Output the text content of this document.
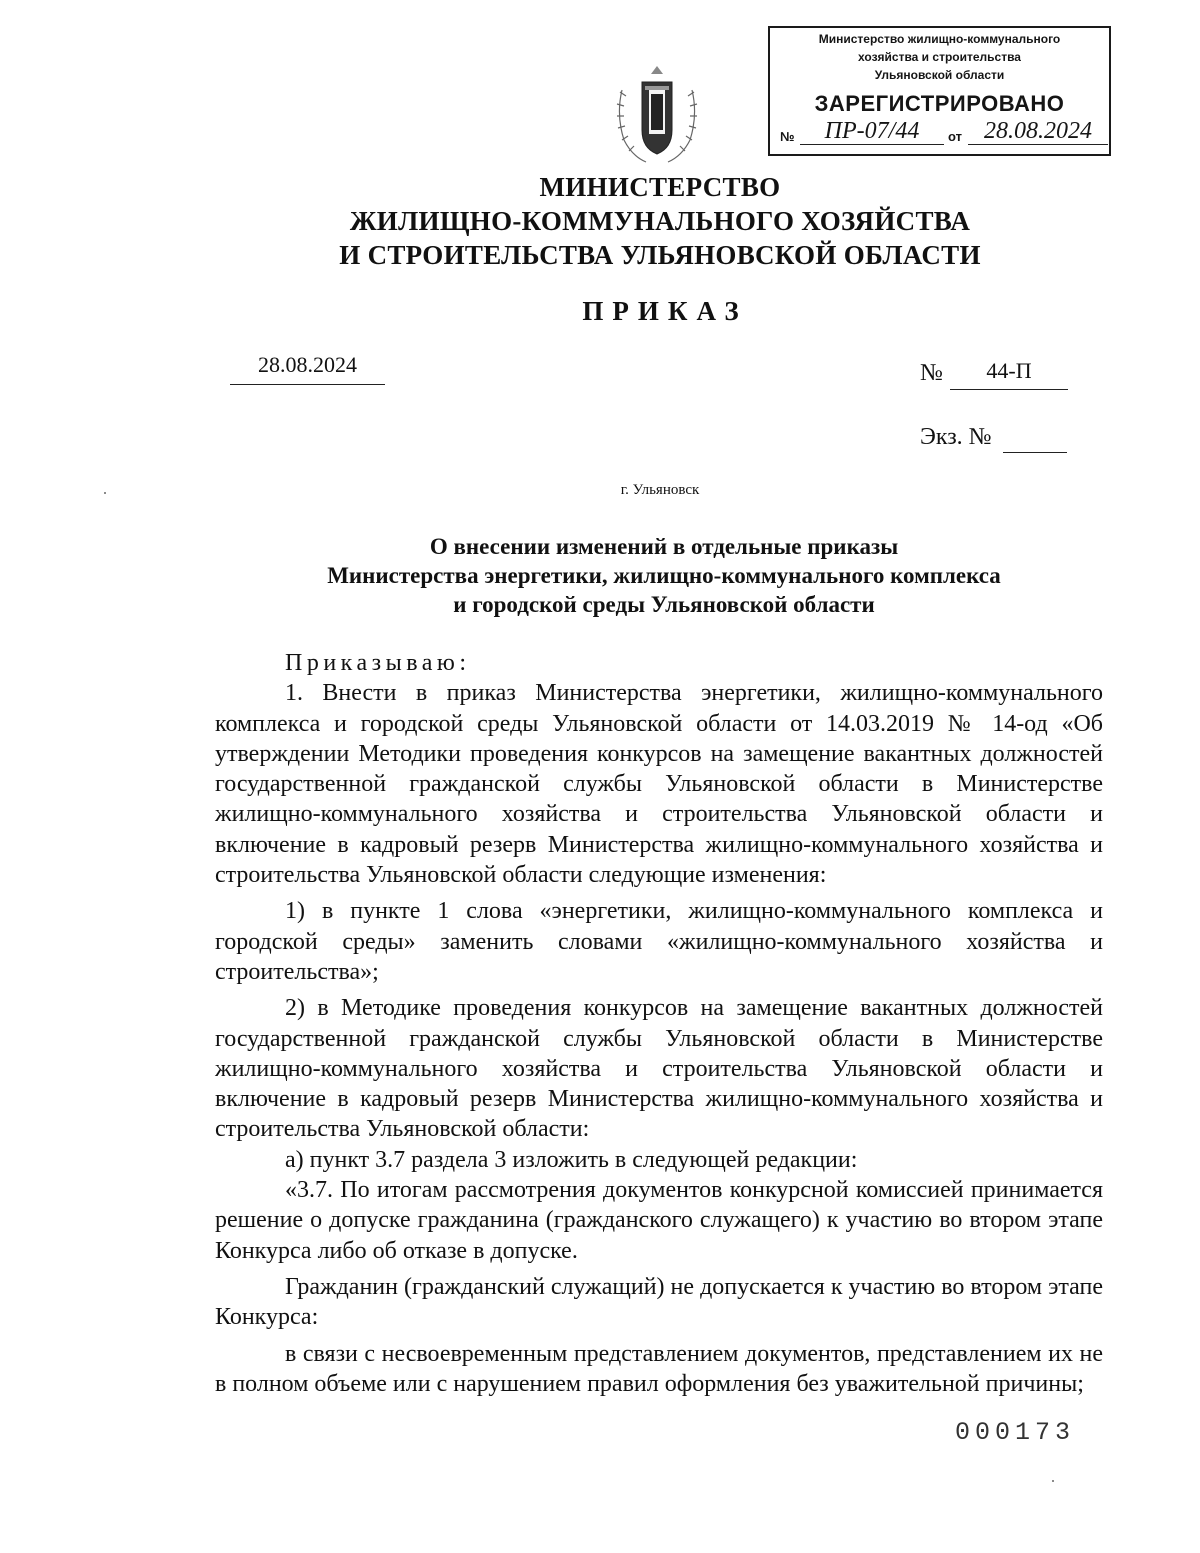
Министерство жилищно-коммунального
хозяйства и строительства
Ульяновской области
ЗАРЕГИСТРИРОВАНО
№	ПР-07/44	от 28.08.2024
МИНИСТЕРСТВО
ЖИЛИЩНО-КОММУНАЛЬНОГО ХОЗЯЙСТВА
И СТРОИТЕЛЬСТВА УЛЬЯНОВСКОЙ ОБЛАСТИ
ПРИКАЗ
28.08.2024	№	44-П
Экз. №
г. Ульяновск
О внесении изменений в отдельные приказы
Министерства энергетики, жилищно-коммунального комплекса
и городской среды Ульяновской области

Приказываю:

1. Внести в приказ Министерства энергетики, жилищно-коммунального комплекса и городской среды Ульяновской области от 14.03.2019 № 14-од «Об утверждении Методики проведения конкурсов на замещение вакантных должностей государственной гражданской службы Ульяновской области в Министерстве жилищно-коммунального хозяйства и строительства Ульяновской области и включение в кадровый резерв Министерства жилищно-коммунального хозяйства и строительства Ульяновской области следующие изменения:

1) в пункте 1 слова «энергетики, жилищно-коммунального комплекса и городской среды» заменить словами «жилищно-коммунального хозяйства и строительства»;

2) в Методике проведения конкурсов на замещение вакантных должностей государственной гражданской службы Ульяновской области в Министерстве жилищно-коммунального хозяйства и строительства Ульяновской области и включение в кадровый резерв Министерства жилищно-коммунального хозяйства и строительства Ульяновской области:

а) пункт 3.7 раздела 3 изложить в следующей редакции:

«3.7. По итогам рассмотрения документов конкурсной комиссией принимается решение о допуске гражданина (гражданского служащего) к участию во втором этапе Конкурса либо об отказе в допуске.

Гражданин (гражданский служащий) не допускается к участию во втором этапе Конкурса:

в связи с несвоевременным представлением документов, представлением их не в полном объеме или с нарушением правил оформления без уважительной причины;

000173
